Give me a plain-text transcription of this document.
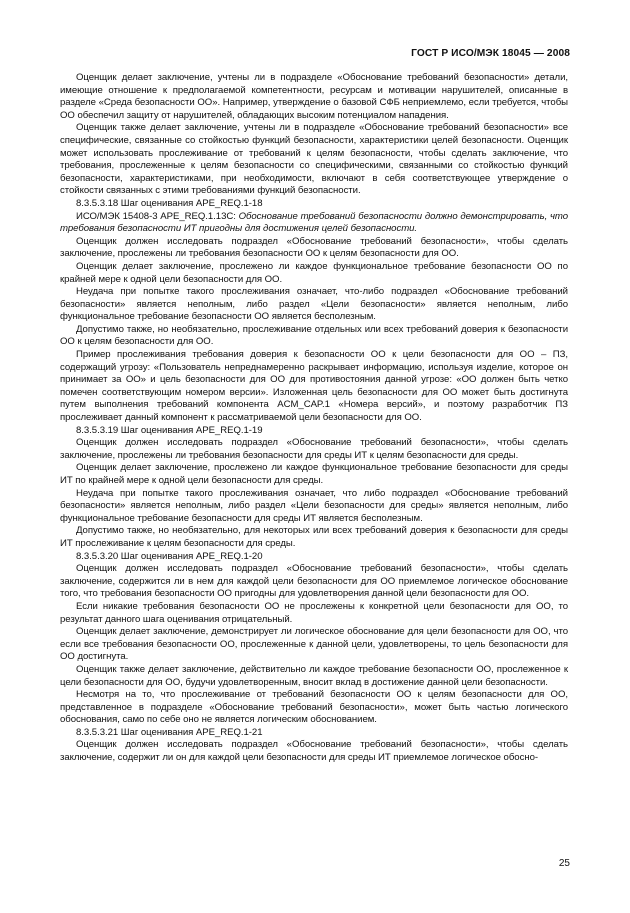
ГОСТ Р ИСО/МЭК 18045 — 2008

Оценщик делает заключение, учтены ли в подразделе «Обоснование требований безопасности» детали, имеющие отношение к предполагаемой компетентности, ресурсам и мотивации нарушителей, описанные в разделе «Среда безопасности ОО». Например, утверждение о базовой СФБ неприемлемо, если требуется, чтобы ОО обеспечил защиту от нарушителей, обладающих высоким потенциалом нападения.

Оценщик также делает заключение, учтены ли в подразделе «Обоснование требований безопасности» все специфические, связанные со стойкостью функций безопасности, характеристики целей безопасности. Оценщик может использовать прослеживание от требований к целям безопасности, чтобы сделать заключение, что требования, прослеженные к целям безопасности со специфическими, связанными со стойкостью функций безопасности, характеристиками, при необходимости, включают в себя соответствующее утверждение о стойкости связанных с этими требованиями функций безопасности.

8.3.5.3.18 Шаг оценивания APE_REQ.1-18

ИСО/МЭК 15408-3 APE_REQ.1.13C: Обоснование требований безопасности должно демонстрировать, что требования безопасности ИТ пригодны для достижения целей безопасности.

Оценщик должен исследовать подраздел «Обоснование требований безопасности», чтобы сделать заключение, прослежены ли требования безопасности ОО к целям безопасности для ОО.

Оценщик делает заключение, прослежено ли каждое функциональное требование безопасности ОО по крайней мере к одной цели безопасности для ОО.

Неудача при попытке такого прослеживания означает, что-либо подраздел «Обоснование требований безопасности» является неполным, либо раздел «Цели безопасности» является неполным, либо функциональное требование безопасности ОО является бесполезным.

Допустимо также, но необязательно, прослеживание отдельных или всех требований доверия к безопасности ОО к целям безопасности для ОО.

Пример прослеживания требования доверия к безопасности ОО к цели безопасности для ОО – ПЗ, содержащий угрозу: «Пользователь непреднамеренно раскрывает информацию, используя изделие, которое он принимает за ОО» и цель безопасности для ОО для противостояния данной угрозе: «ОО должен быть четко помечен соответствующим номером версии». Изложенная цель безопасности для ОО может быть достигнута путем выполнения требований компонента ACM_CAP.1 «Номера версий», и поэтому разработчик ПЗ прослеживает данный компонент к рассматриваемой цели безопасности для ОО.

8.3.5.3.19 Шаг оценивания APE_REQ.1-19

Оценщик должен исследовать подраздел «Обоснование требований безопасности», чтобы сделать заключение, прослежены ли требования безопасности для среды ИТ к целям безопасности для среды.

Оценщик делает заключение, прослежено ли каждое функциональное требование безопасности для среды ИТ по крайней мере к одной цели безопасности для среды.

Неудача при попытке такого прослеживания означает, что либо подраздел «Обоснование требований безопасности» является неполным, либо раздел «Цели безопасности для среды» является неполным, либо функциональное требование безопасности для среды ИТ является бесполезным.

Допустимо также, но необязательно, для некоторых или всех требований доверия к безопасности для среды ИТ прослеживание к целям безопасности для среды.

8.3.5.3.20 Шаг оценивания APE_REQ.1-20

Оценщик должен исследовать подраздел «Обоснование требований безопасности», чтобы сделать заключение, содержится ли в нем для каждой цели безопасности для ОО приемлемое логическое обоснование того, что требования безопасности ОО пригодны для удовлетворения данной цели безопасности для ОО.

Если никакие требования безопасности ОО не прослежены к конкретной цели безопасности для ОО, то результат данного шага оценивания отрицательный.

Оценщик делает заключение, демонстрирует ли логическое обоснование для цели безопасности для ОО, что если все требования безопасности ОО, прослеженные к данной цели, удовлетворены, то цель безопасности для ОО достигнута.

Оценщик также делает заключение, действительно ли каждое требование безопасности ОО, прослеженное к цели безопасности для ОО, будучи удовлетворенным, вносит вклад в достижение данной цели безопасности.

Несмотря на то, что прослеживание от требований безопасности ОО к целям безопасности для ОО, представленное в подразделе «Обоснование требований безопасности», может быть частью логического обоснования, само по себе оно не является логическим обоснованием.

8.3.5.3.21 Шаг оценивания APE_REQ.1-21

Оценщик должен исследовать подраздел «Обоснование требований безопасности», чтобы сделать заключение, содержит ли он для каждой цели безопасности для среды ИТ приемлемое логическое обосно-

25
